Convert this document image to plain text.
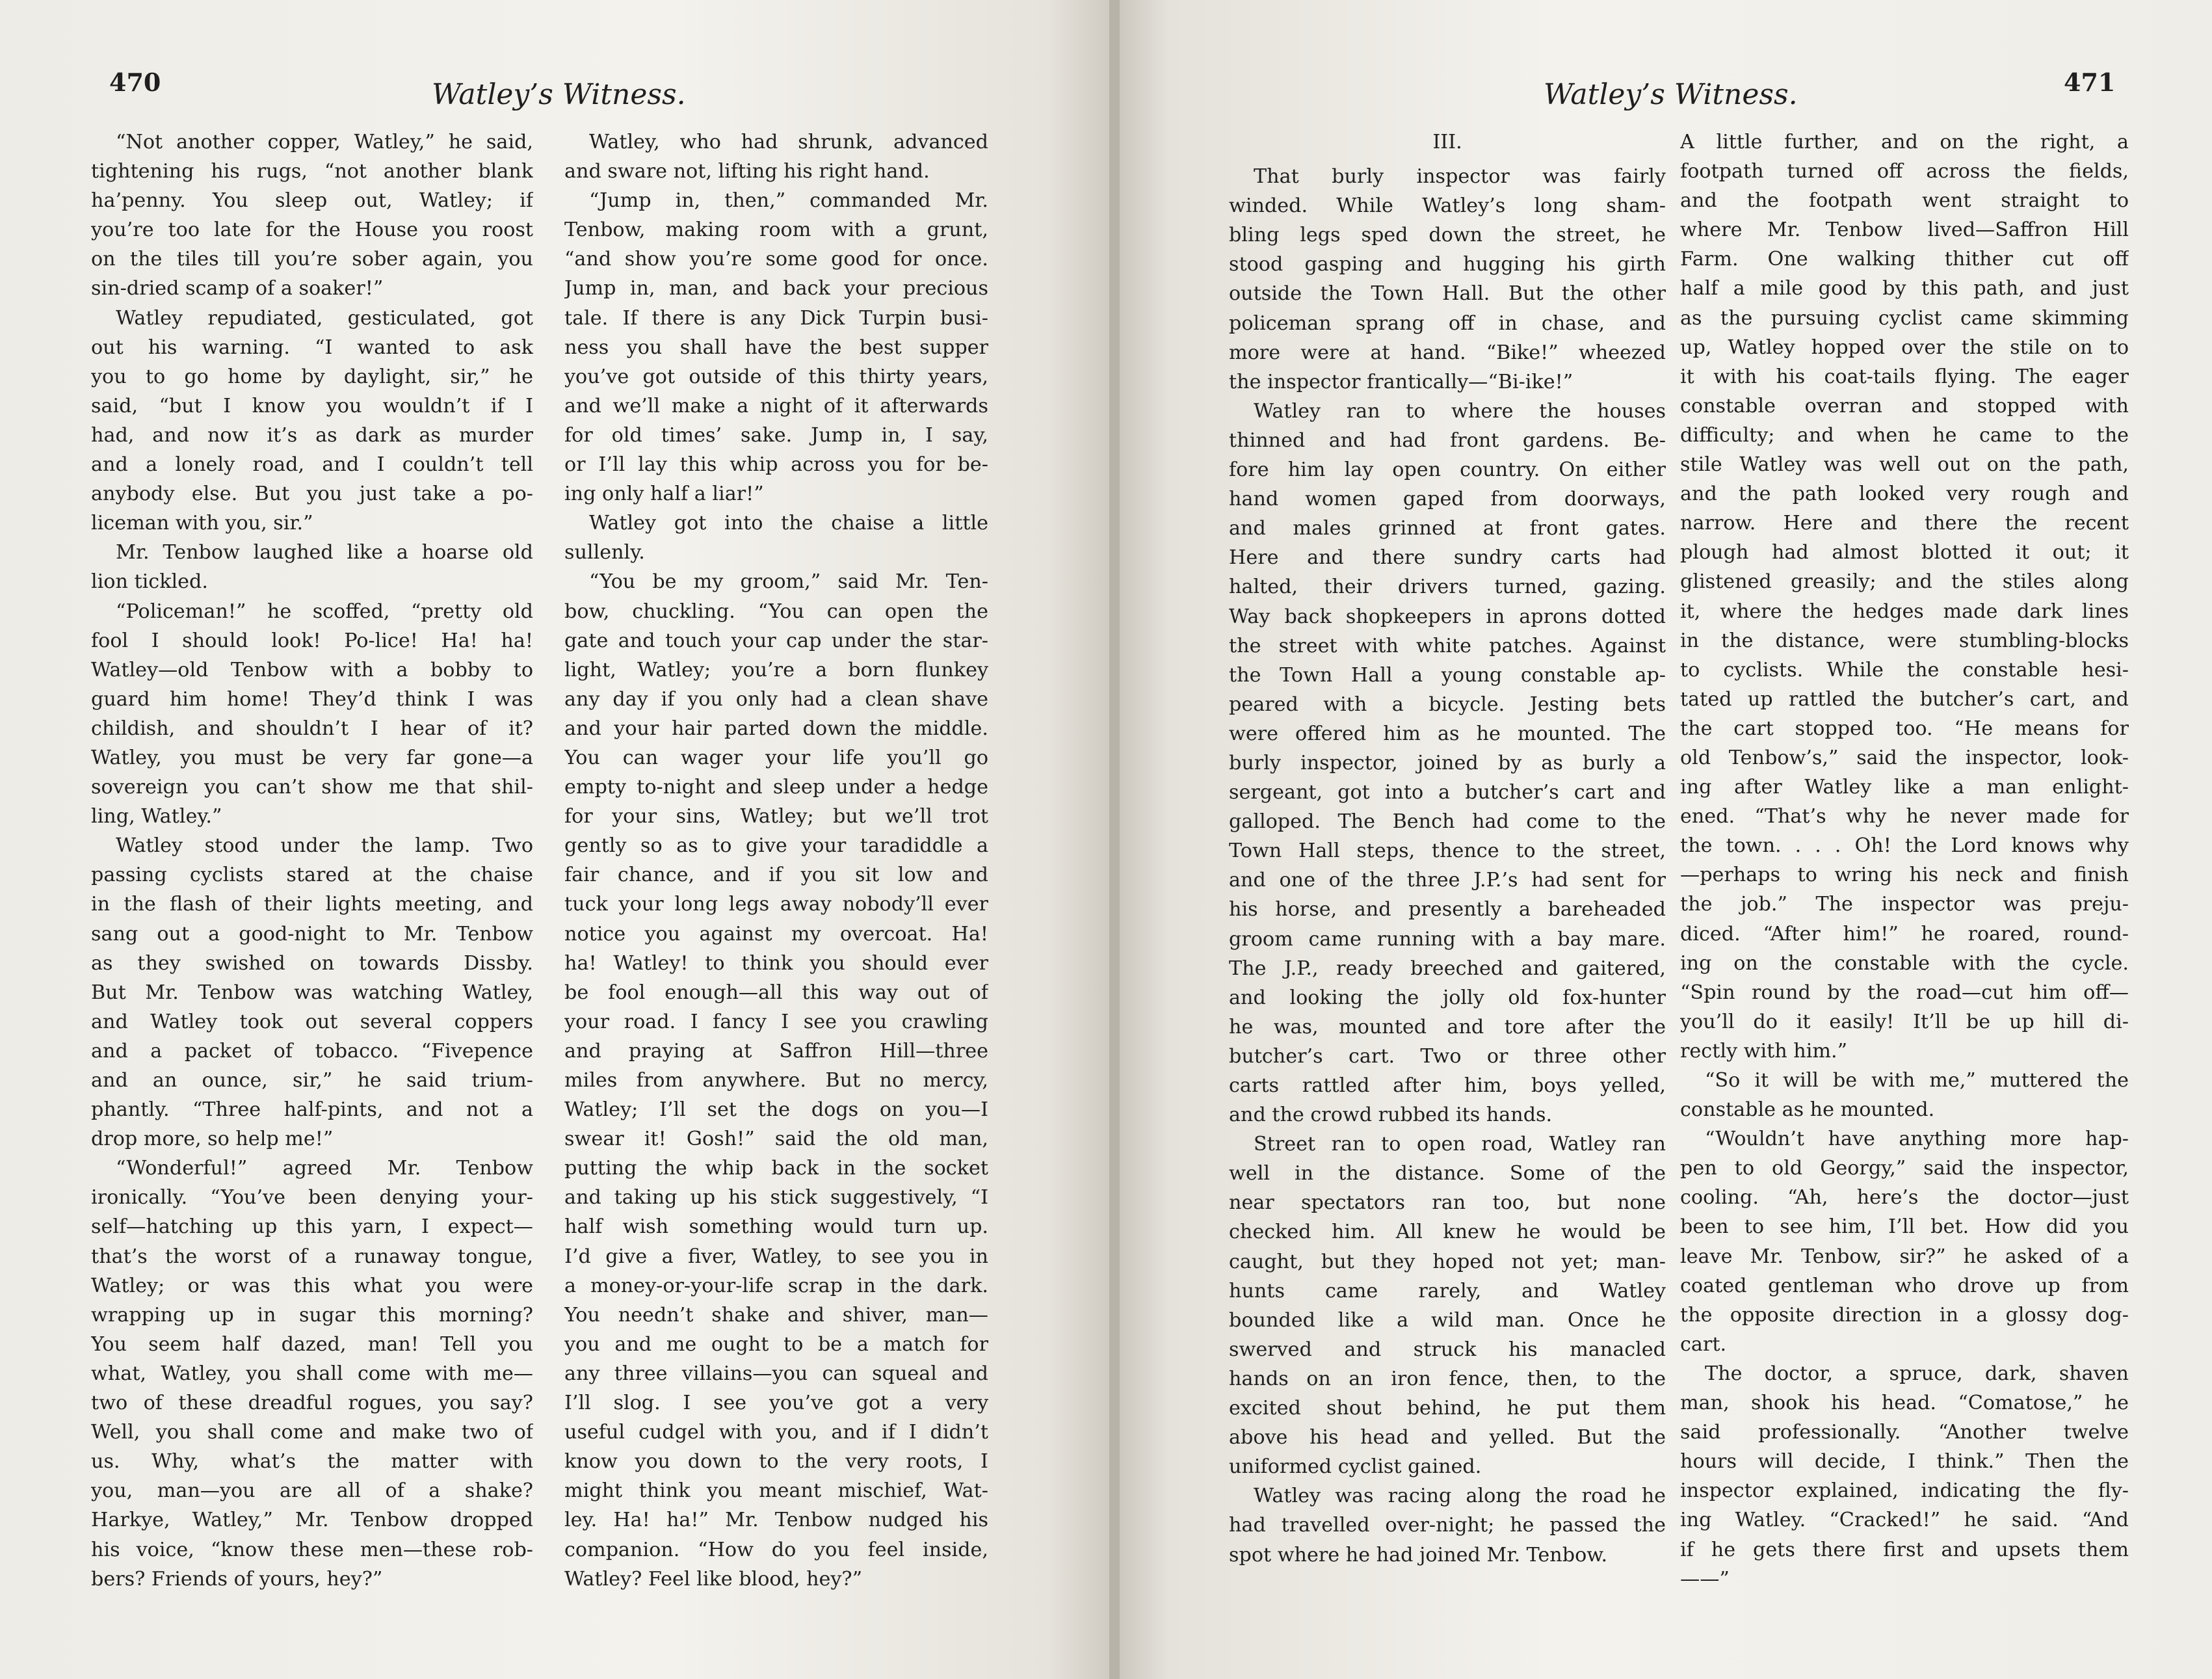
470	Watley’s Witness.
“Not another copper, Watley,” he said,
tightening his rugs, “not another blank
ha’penny. You sleep out, Watley; if
you’re too late for the House you roost
on the tiles till you’re sober again, you
sin-dried scamp of a soaker!”
Watley repudiated, gesticulated, got
out his warning. “I wanted to ask
you to go home by daylight, sir,” he
said, “but I know you wouldn’t if I
had, and now it’s as dark as murder
and a lonely road, and I couldn’t tell
anybody else. But you just take a po-
liceman with you, sir.”
Mr. Tenbow laughed like a hoarse old
lion tickled.
“Policeman!” he scoffed, “pretty old
fool I should look! Po-lice! Ha! ha!
Watley—old Tenbow with a bobby to
guard him home! They’d think I was
childish, and shouldn’t I hear of it?
Watley, you must be very far gone—a
sovereign you can’t show me that shil-
ling, Watley.”
Watley stood under the lamp. Two
passing cyclists stared at the chaise
in the flash of their lights meeting, and
sang out a good-night to Mr. Tenbow
as they swished on towards Dissby.
But Mr. Tenbow was watching Watley,
and Watley took out several coppers
and a packet of tobacco. “Fivepence
and an ounce, sir,” he said trium-
phantly. “Three half-pints, and not a
drop more, so help me!”
“Wonderful!” agreed Mr. Tenbow
ironically. “You’ve been denying your-
self—hatching up this yarn, I expect—
that’s the worst of a runaway tongue,
Watley; or was this what you were
wrapping up in sugar this morning?
You seem half dazed, man! Tell you
what, Watley, you shall come with me—
two of these dreadful rogues, you say?
Well, you shall come and make two of
us. Why, what’s the matter with
you, man—you are all of a shake?
Harkye, Watley,” Mr. Tenbow dropped
his voice, “know these men—these rob-
bers? Friends of yours, hey?”
Watley, who had shrunk, advanced
and sware not, lifting his right hand.
“Jump in, then,” commanded Mr.
Tenbow, making room with a grunt,
“and show you’re some good for once.
Jump in, man, and back your precious
tale. If there is any Dick Turpin busi-
ness you shall have the best supper
you’ve got outside of this thirty years,
and we’ll make a night of it afterwards
for old times’ sake. Jump in, I say,
or I’ll lay this whip across you for be-
ing only half a liar!”
Watley got into the chaise a little
sullenly.
“You be my groom,” said Mr. Ten-
bow, chuckling. “You can open the
gate and touch your cap under the star-
light, Watley; you’re a born flunkey
any day if you only had a clean shave
and your hair parted down the middle.
You can wager your life you’ll go
empty to-night and sleep under a hedge
for your sins, Watley; but we’ll trot
gently so as to give your taradiddle a
fair chance, and if you sit low and
tuck your long legs away nobody’ll ever
notice you against my overcoat. Ha!
ha! Watley! to think you should ever
be fool enough—all this way out of
your road. I fancy I see you crawling
and praying at Saffron Hill—three
miles from anywhere. But no mercy,
Watley; I’ll set the dogs on you—I
swear it! Gosh!” said the old man,
putting the whip back in the socket
and taking up his stick suggestively, “I
half wish something would turn up.
I’d give a fiver, Watley, to see you in
a money-or-your-life scrap in the dark.
You needn’t shake and shiver, man—
you and me ought to be a match for
any three villains—you can squeal and
I’ll slog. I see you’ve got a very
useful cudgel with you, and if I didn’t
know you down to the very roots, I
might think you meant mischief, Wat-
ley. Ha! ha!” Mr. Tenbow nudged his
companion. “How do you feel inside,
Watley? Feel like blood, hey?”
Watley’s Witness.	471
III.
That burly inspector was fairly
winded. While Watley’s long sham-
bling legs sped down the street, he
stood gasping and hugging his girth
outside the Town Hall. But the other
policeman sprang off in chase, and
more were at hand. “Bike!” wheezed
the inspector frantically—“Bi-ike!”
Watley ran to where the houses
thinned and had front gardens. Be-
fore him lay open country. On either
hand women gaped from doorways,
and males grinned at front gates.
Here and there sundry carts had
halted, their drivers turned, gazing.
Way back shopkeepers in aprons dotted
the street with white patches. Against
the Town Hall a young constable ap-
peared with a bicycle. Jesting bets
were offered him as he mounted. The
burly inspector, joined by as burly a
sergeant, got into a butcher’s cart and
galloped. The Bench had come to the
Town Hall steps, thence to the street,
and one of the three J.P.’s had sent for
his horse, and presently a bareheaded
groom came running with a bay mare.
The J.P., ready breeched and gaitered,
and looking the jolly old fox-hunter
he was, mounted and tore after the
butcher’s cart. Two or three other
carts rattled after him, boys yelled,
and the crowd rubbed its hands.
Street ran to open road, Watley ran
well in the distance. Some of the
near spectators ran too, but none
checked him. All knew he would be
caught, but they hoped not yet; man-
hunts came rarely, and Watley
bounded like a wild man. Once he
swerved and struck his manacled
hands on an iron fence, then, to the
excited shout behind, he put them
above his head and yelled. But the
uniformed cyclist gained.
Watley was racing along the road he
had travelled over-night; he passed the
spot where he had joined Mr. Tenbow.
A little further, and on the right, a
footpath turned off across the fields,
and the footpath went straight to
where Mr. Tenbow lived—Saffron Hill
Farm. One walking thither cut off
half a mile good by this path, and just
as the pursuing cyclist came skimming
up, Watley hopped over the stile on to
it with his coat-tails flying. The eager
constable overran and stopped with
difficulty; and when he came to the
stile Watley was well out on the path,
and the path looked very rough and
narrow. Here and there the recent
plough had almost blotted it out; it
glistened greasily; and the stiles along
it, where the hedges made dark lines
in the distance, were stumbling-blocks
to cyclists. While the constable hesi-
tated up rattled the butcher’s cart, and
the cart stopped too. “He means for
old Tenbow’s,” said the inspector, look-
ing after Watley like a man enlight-
ened. “That’s why he never made for
the town. . . . Oh! the Lord knows why
—perhaps to wring his neck and finish
the job.” The inspector was preju-
diced. “After him!” he roared, round-
ing on the constable with the cycle.
“Spin round by the road—cut him off—
you’ll do it easily! It’ll be up hill di-
rectly with him.”
“So it will be with me,” muttered the
constable as he mounted.
“Wouldn’t have anything more hap-
pen to old Georgy,” said the inspector,
cooling. “Ah, here’s the doctor—just
been to see him, I’ll bet. How did you
leave Mr. Tenbow, sir?” he asked of a
coated gentleman who drove up from
the opposite direction in a glossy dog-
cart.
The doctor, a spruce, dark, shaven
man, shook his head. “Comatose,” he
said professionally. “Another twelve
hours will decide, I think.” Then the
inspector explained, indicating the fly-
ing Watley. “Cracked!” he said. “And
if he gets there first and upsets them
——”
